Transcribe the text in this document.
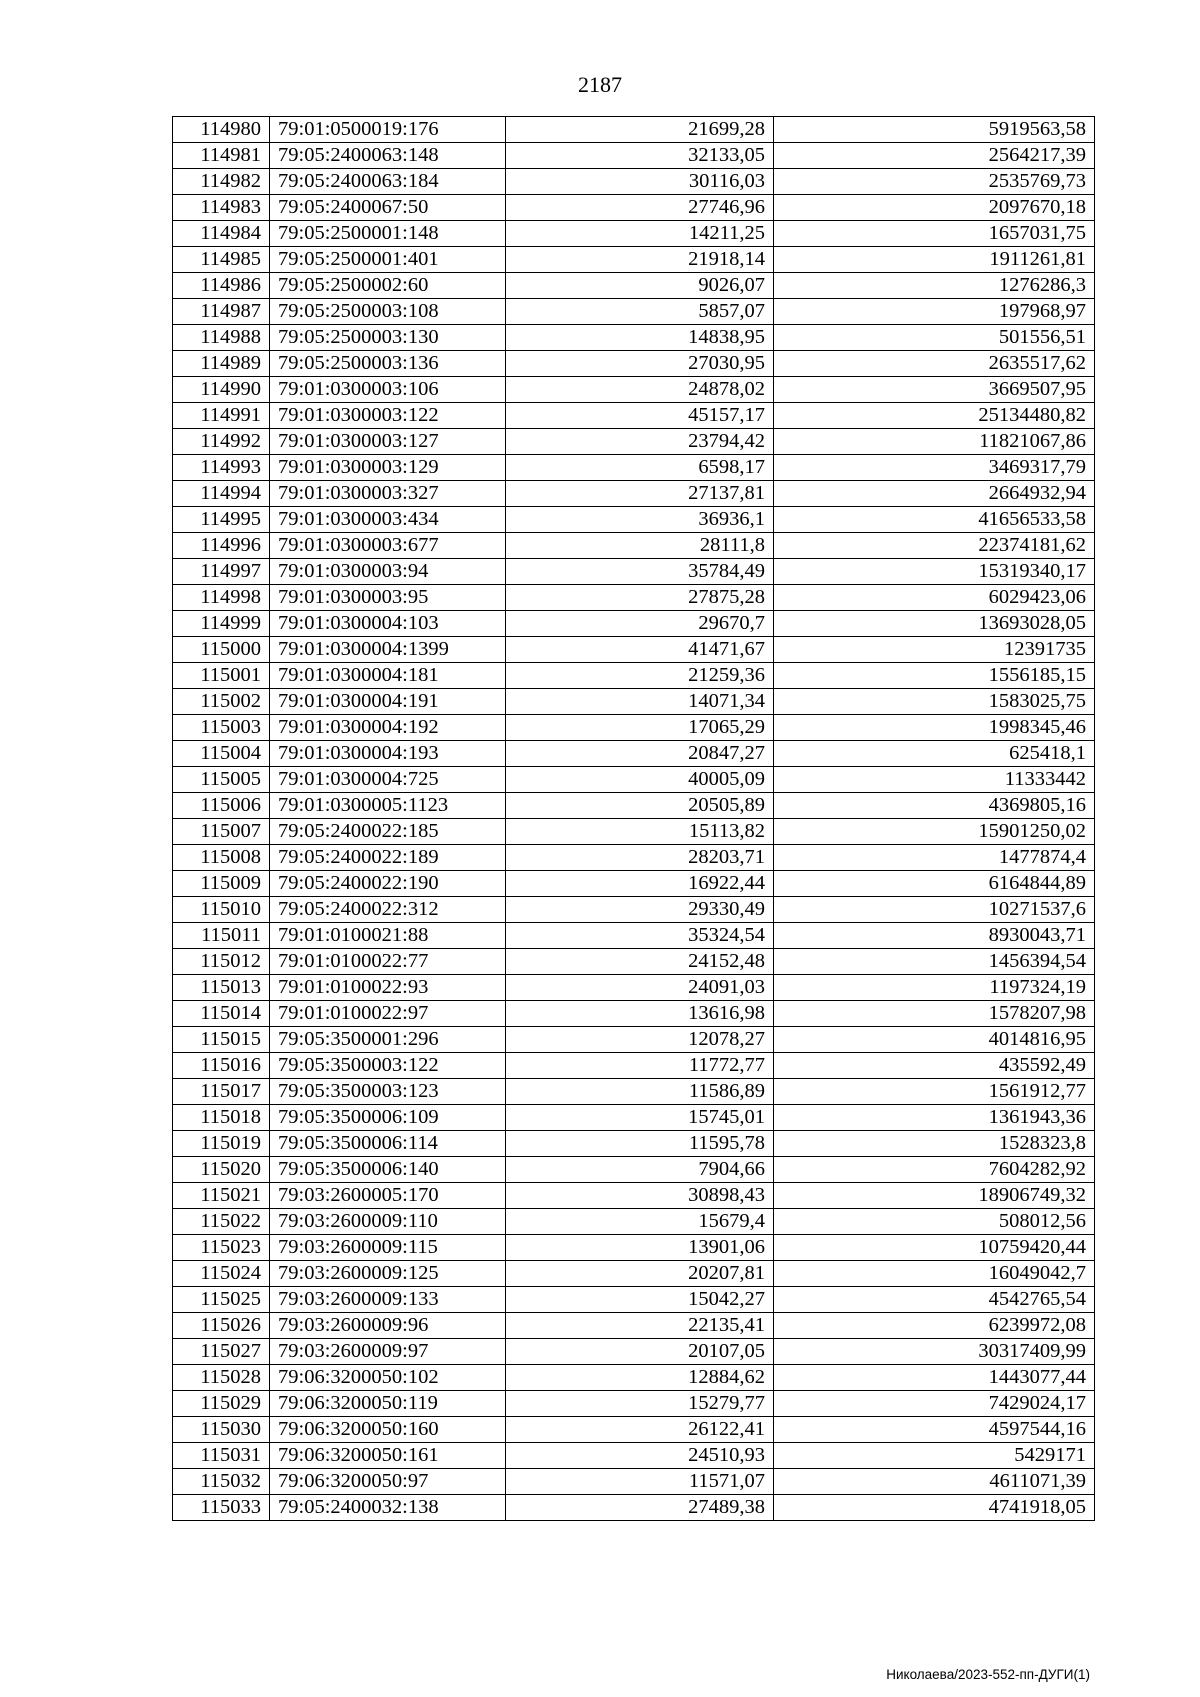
2187
114980	79:01:0500019:176	21699,28	5919563,58
114981	79:05:2400063:148	32133,05	2564217,39
114982	79:05:2400063:184	30116,03	2535769,73
114983	79:05:2400067:50	27746,96	2097670,18
114984	79:05:2500001:148	14211,25	1657031,75
114985	79:05:2500001:401	21918,14	1911261,81
114986	79:05:2500002:60	9026,07	1276286,3
114987	79:05:2500003:108	5857,07	197968,97
114988	79:05:2500003:130	14838,95	501556,51
114989	79:05:2500003:136	27030,95	2635517,62
114990	79:01:0300003:106	24878,02	3669507,95
114991	79:01:0300003:122	45157,17	25134480,82
114992	79:01:0300003:127	23794,42	11821067,86
114993	79:01:0300003:129	6598,17	3469317,79
114994	79:01:0300003:327	27137,81	2664932,94
114995	79:01:0300003:434	36936,1	41656533,58
114996	79:01:0300003:677	28111,8	22374181,62
114997	79:01:0300003:94	35784,49	15319340,17
114998	79:01:0300003:95	27875,28	6029423,06
114999	79:01:0300004:103	29670,7	13693028,05
115000	79:01:0300004:1399	41471,67	12391735
115001	79:01:0300004:181	21259,36	1556185,15
115002	79:01:0300004:191	14071,34	1583025,75
115003	79:01:0300004:192	17065,29	1998345,46
115004	79:01:0300004:193	20847,27	625418,1
115005	79:01:0300004:725	40005,09	11333442
115006	79:01:0300005:1123	20505,89	4369805,16
115007	79:05:2400022:185	15113,82	15901250,02
115008	79:05:2400022:189	28203,71	1477874,4
115009	79:05:2400022:190	16922,44	6164844,89
115010	79:05:2400022:312	29330,49	10271537,6
115011	79:01:0100021:88	35324,54	8930043,71
115012	79:01:0100022:77	24152,48	1456394,54
115013	79:01:0100022:93	24091,03	1197324,19
115014	79:01:0100022:97	13616,98	1578207,98
115015	79:05:3500001:296	12078,27	4014816,95
115016	79:05:3500003:122	11772,77	435592,49
115017	79:05:3500003:123	11586,89	1561912,77
115018	79:05:3500006:109	15745,01	1361943,36
115019	79:05:3500006:114	11595,78	1528323,8
115020	79:05:3500006:140	7904,66	7604282,92
115021	79:03:2600005:170	30898,43	18906749,32
115022	79:03:2600009:110	15679,4	508012,56
115023	79:03:2600009:115	13901,06	10759420,44
115024	79:03:2600009:125	20207,81	16049042,7
115025	79:03:2600009:133	15042,27	4542765,54
115026	79:03:2600009:96	22135,41	6239972,08
115027	79:03:2600009:97	20107,05	30317409,99
115028	79:06:3200050:102	12884,62	1443077,44
115029	79:06:3200050:119	15279,77	7429024,17
115030	79:06:3200050:160	26122,41	4597544,16
115031	79:06:3200050:161	24510,93	5429171
115032	79:06:3200050:97	11571,07	4611071,39
115033	79:05:2400032:138	27489,38	4741918,05
Николаева/2023-552-пп-ДУГИ(1)
